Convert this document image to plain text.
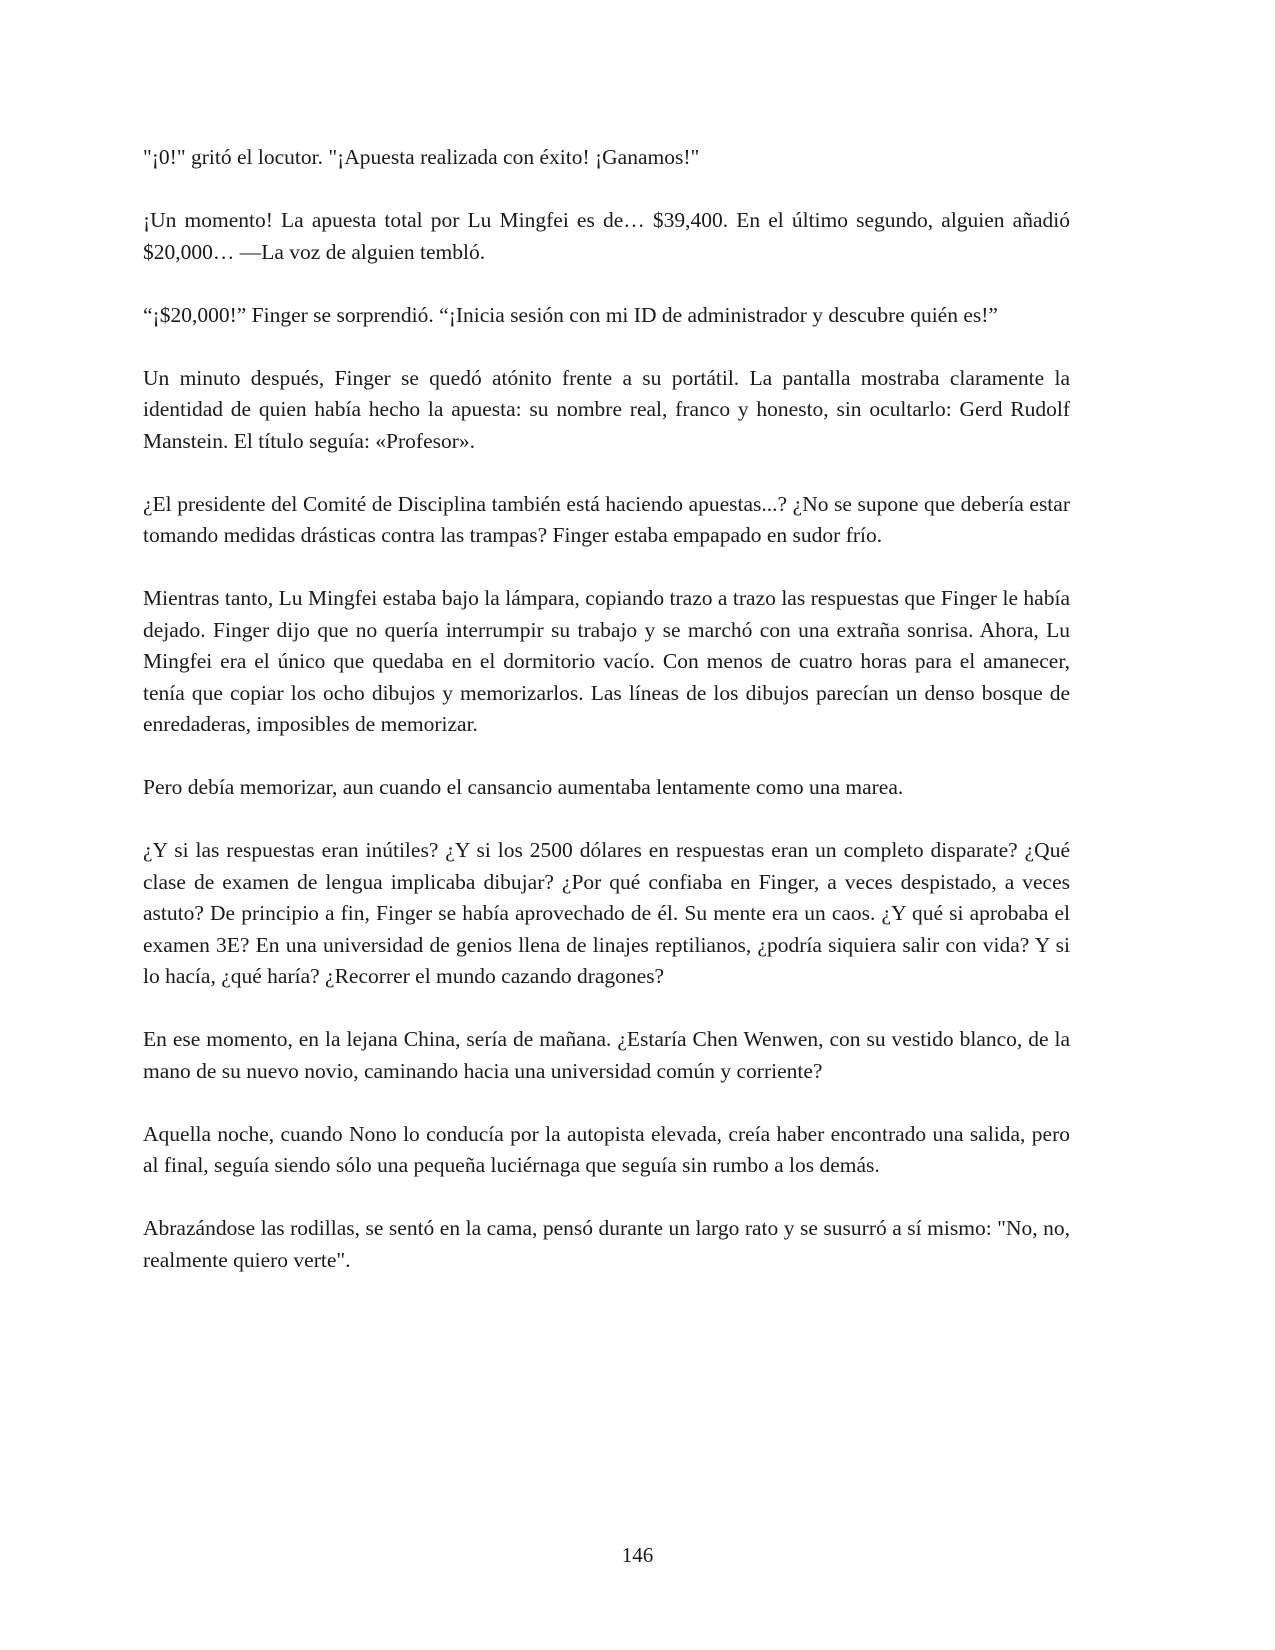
"¡0!" gritó el locutor. "¡Apuesta realizada con éxito! ¡Ganamos!"

¡Un momento! La apuesta total por Lu Mingfei es de… $39,400. En el último segundo, alguien añadió $20,000… —La voz de alguien tembló.

“¡$20,000!” Finger se sorprendió. “¡Inicia sesión con mi ID de administrador y descubre quién es!”

Un minuto después, Finger se quedó atónito frente a su portátil. La pantalla mostraba claramente la identidad de quien había hecho la apuesta: su nombre real, franco y honesto, sin ocultarlo: Gerd Rudolf Manstein. El título seguía: «Profesor».

¿El presidente del Comité de Disciplina también está haciendo apuestas...? ¿No se supone que debería estar tomando medidas drásticas contra las trampas? Finger estaba empapado en sudor frío.

Mientras tanto, Lu Mingfei estaba bajo la lámpara, copiando trazo a trazo las respuestas que Finger le había dejado. Finger dijo que no quería interrumpir su trabajo y se marchó con una extraña sonrisa. Ahora, Lu Mingfei era el único que quedaba en el dormitorio vacío. Con menos de cuatro horas para el amanecer, tenía que copiar los ocho dibujos y memorizarlos. Las líneas de los dibujos parecían un denso bosque de enredaderas, imposibles de memorizar.

Pero debía memorizar, aun cuando el cansancio aumentaba lentamente como una marea.

¿Y si las respuestas eran inútiles? ¿Y si los 2500 dólares en respuestas eran un completo disparate? ¿Qué clase de examen de lengua implicaba dibujar? ¿Por qué confiaba en Finger, a veces despistado, a veces astuto? De principio a fin, Finger se había aprovechado de él. Su mente era un caos. ¿Y qué si aprobaba el examen 3E? En una universidad de genios llena de linajes reptilianos, ¿podría siquiera salir con vida? Y si lo hacía, ¿qué haría? ¿Recorrer el mundo cazando dragones?

En ese momento, en la lejana China, sería de mañana. ¿Estaría Chen Wenwen, con su vestido blanco, de la mano de su nuevo novio, caminando hacia una universidad común y corriente?

Aquella noche, cuando Nono lo conducía por la autopista elevada, creía haber encontrado una salida, pero al final, seguía siendo sólo una pequeña luciérnaga que seguía sin rumbo a los demás.

Abrazándose las rodillas, se sentó en la cama, pensó durante un largo rato y se susurró a sí mismo: "No, no, realmente quiero verte".

146
